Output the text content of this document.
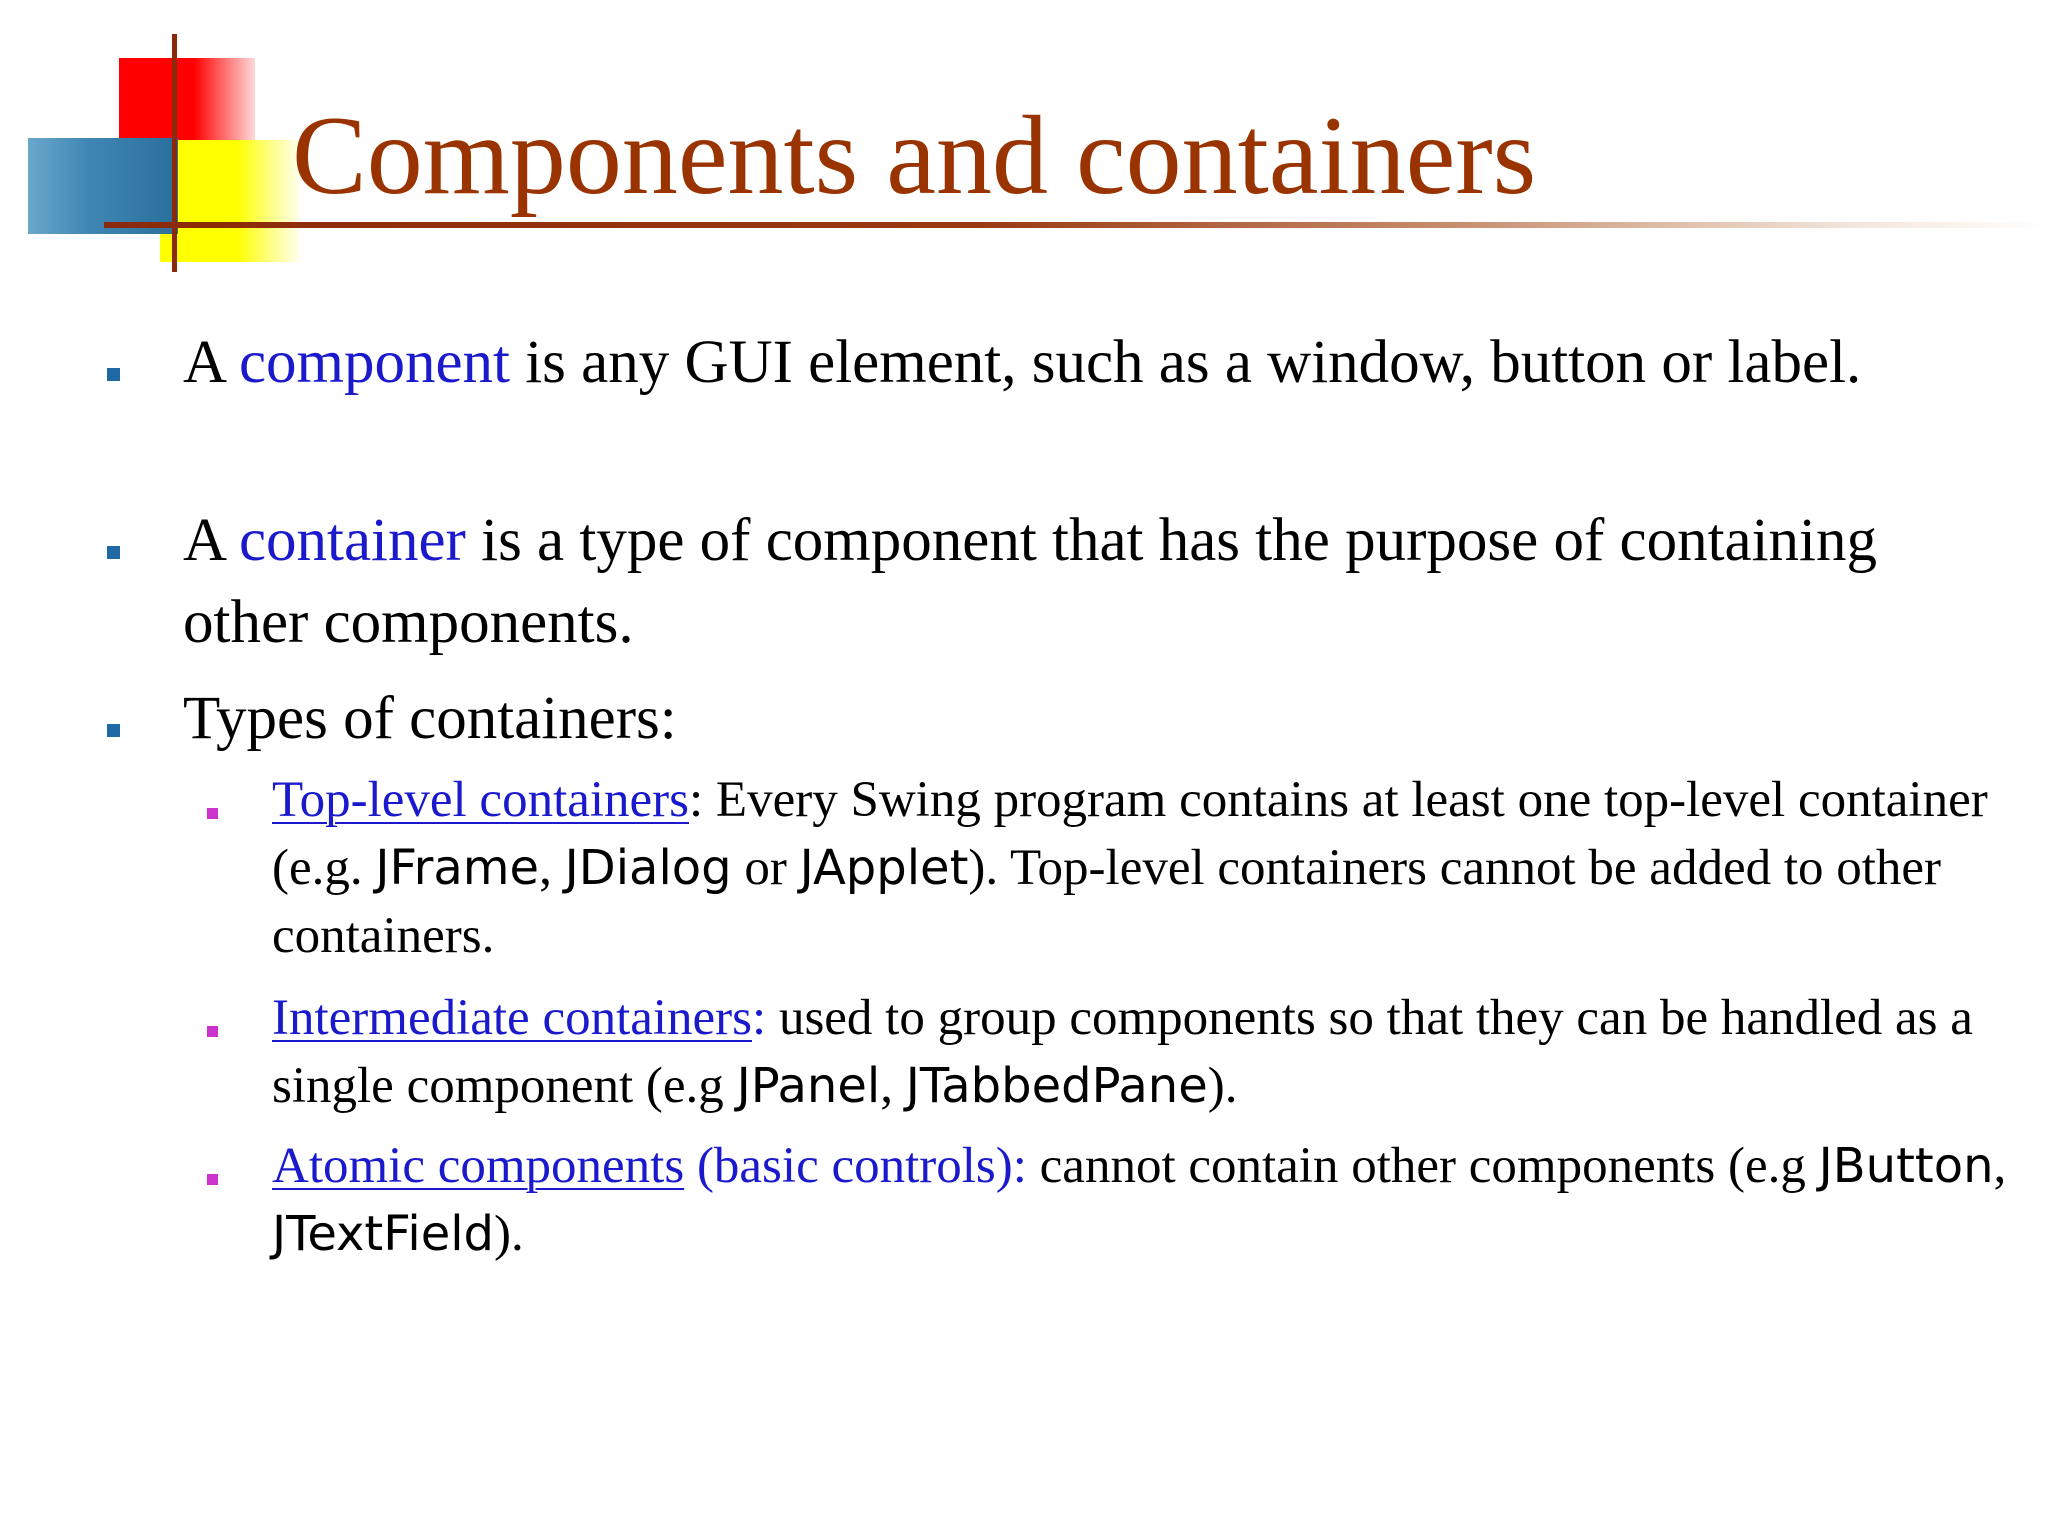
Components and containers
A component is any GUI element, such as a window, button or label.
A container is a type of component that has the purpose of containing other components.
Types of containers:
Top-level containers: Every Swing program contains at least one top-level container (e.g. JFrame, JDialog or JApplet). Top-level containers cannot be added to other containers.
Intermediate containers: used to group components so that they can be handled as a single component (e.g JPanel, JTabbedPane).
Atomic components (basic controls): cannot contain other components (e.g JButton, JTextField).
